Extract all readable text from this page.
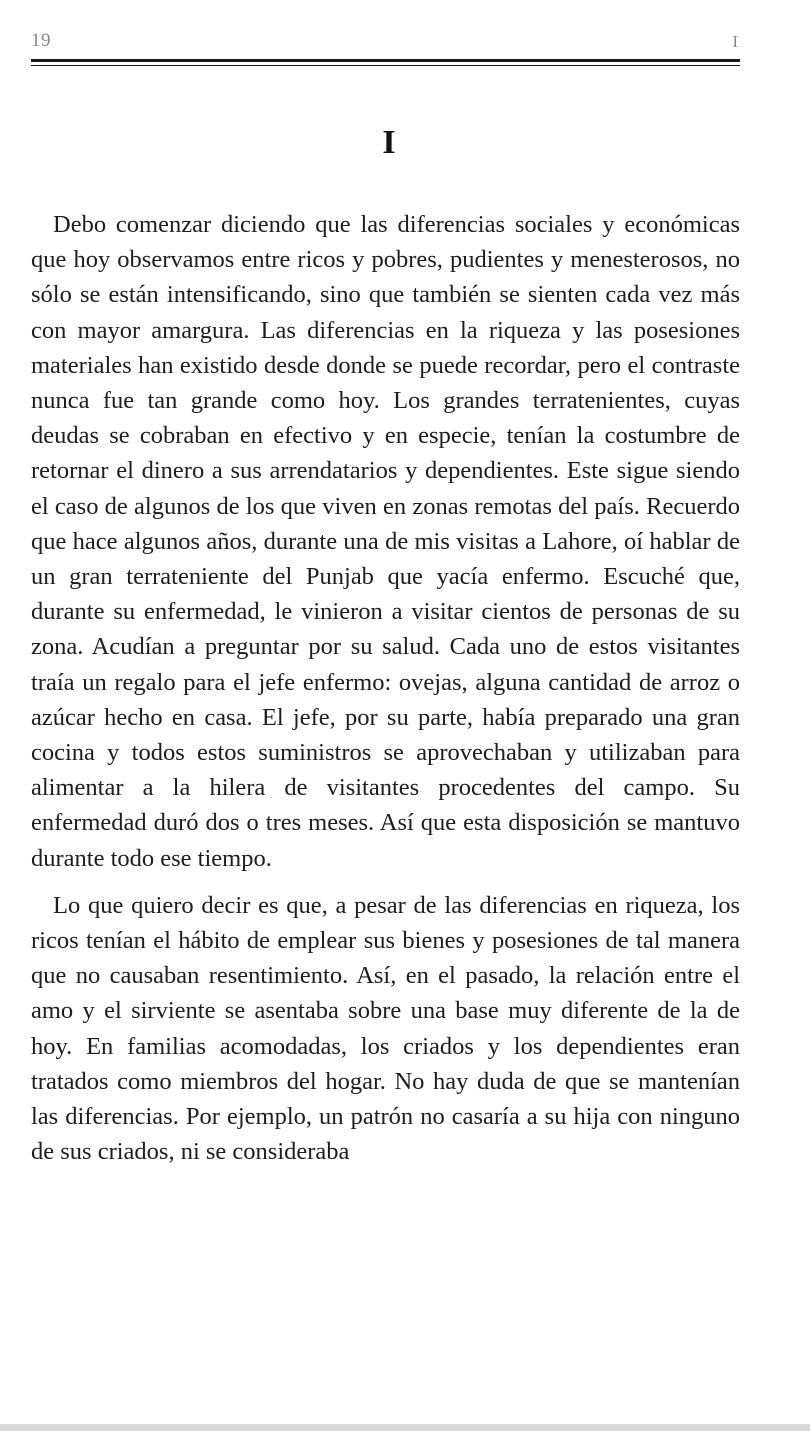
19	I
I

Debo comenzar diciendo que las diferencias sociales y económicas que hoy observamos entre ricos y pobres, pudientes y menesterosos, no sólo se están intensificando, sino que también se sienten cada vez más con mayor amargura. Las diferencias en la riqueza y las posesiones materiales han existido desde donde se puede recordar, pero el contraste nunca fue tan grande como hoy. Los grandes terratenientes, cuyas deudas se cobraban en efectivo y en especie, tenían la costumbre de retornar el dinero a sus arrendatarios y dependientes. Este sigue siendo el caso de algunos de los que viven en zonas remotas del país. Recuerdo que hace algunos años, durante una de mis visitas a Lahore, oí hablar de un gran terrateniente del Punjab que yacía enfermo. Escuché que, durante su enfermedad, le vinieron a visitar cientos de personas de su zona. Acudían a preguntar por su salud. Cada uno de estos visitantes traía un regalo para el jefe enfermo: ovejas, alguna cantidad de arroz o azúcar hecho en casa. El jefe, por su parte, había preparado una gran cocina y todos estos suministros se aprovechaban y utilizaban para alimentar a la hilera de visitantes procedentes del campo. Su enfermedad duró dos o tres meses. Así que esta disposición se mantuvo durante todo ese tiempo.

Lo que quiero decir es que, a pesar de las diferencias en riqueza, los ricos tenían el hábito de emplear sus bienes y posesiones de tal manera que no causaban resentimiento. Así, en el pasado, la relación entre el amo y el sirviente se asentaba sobre una base muy diferente de la de hoy. En familias acomodadas, los criados y los dependientes eran tratados como miembros del hogar. No hay duda de que se mantenían las diferencias. Por ejemplo, un patrón no casaría a su hija con ninguno de sus criados, ni se consideraba
